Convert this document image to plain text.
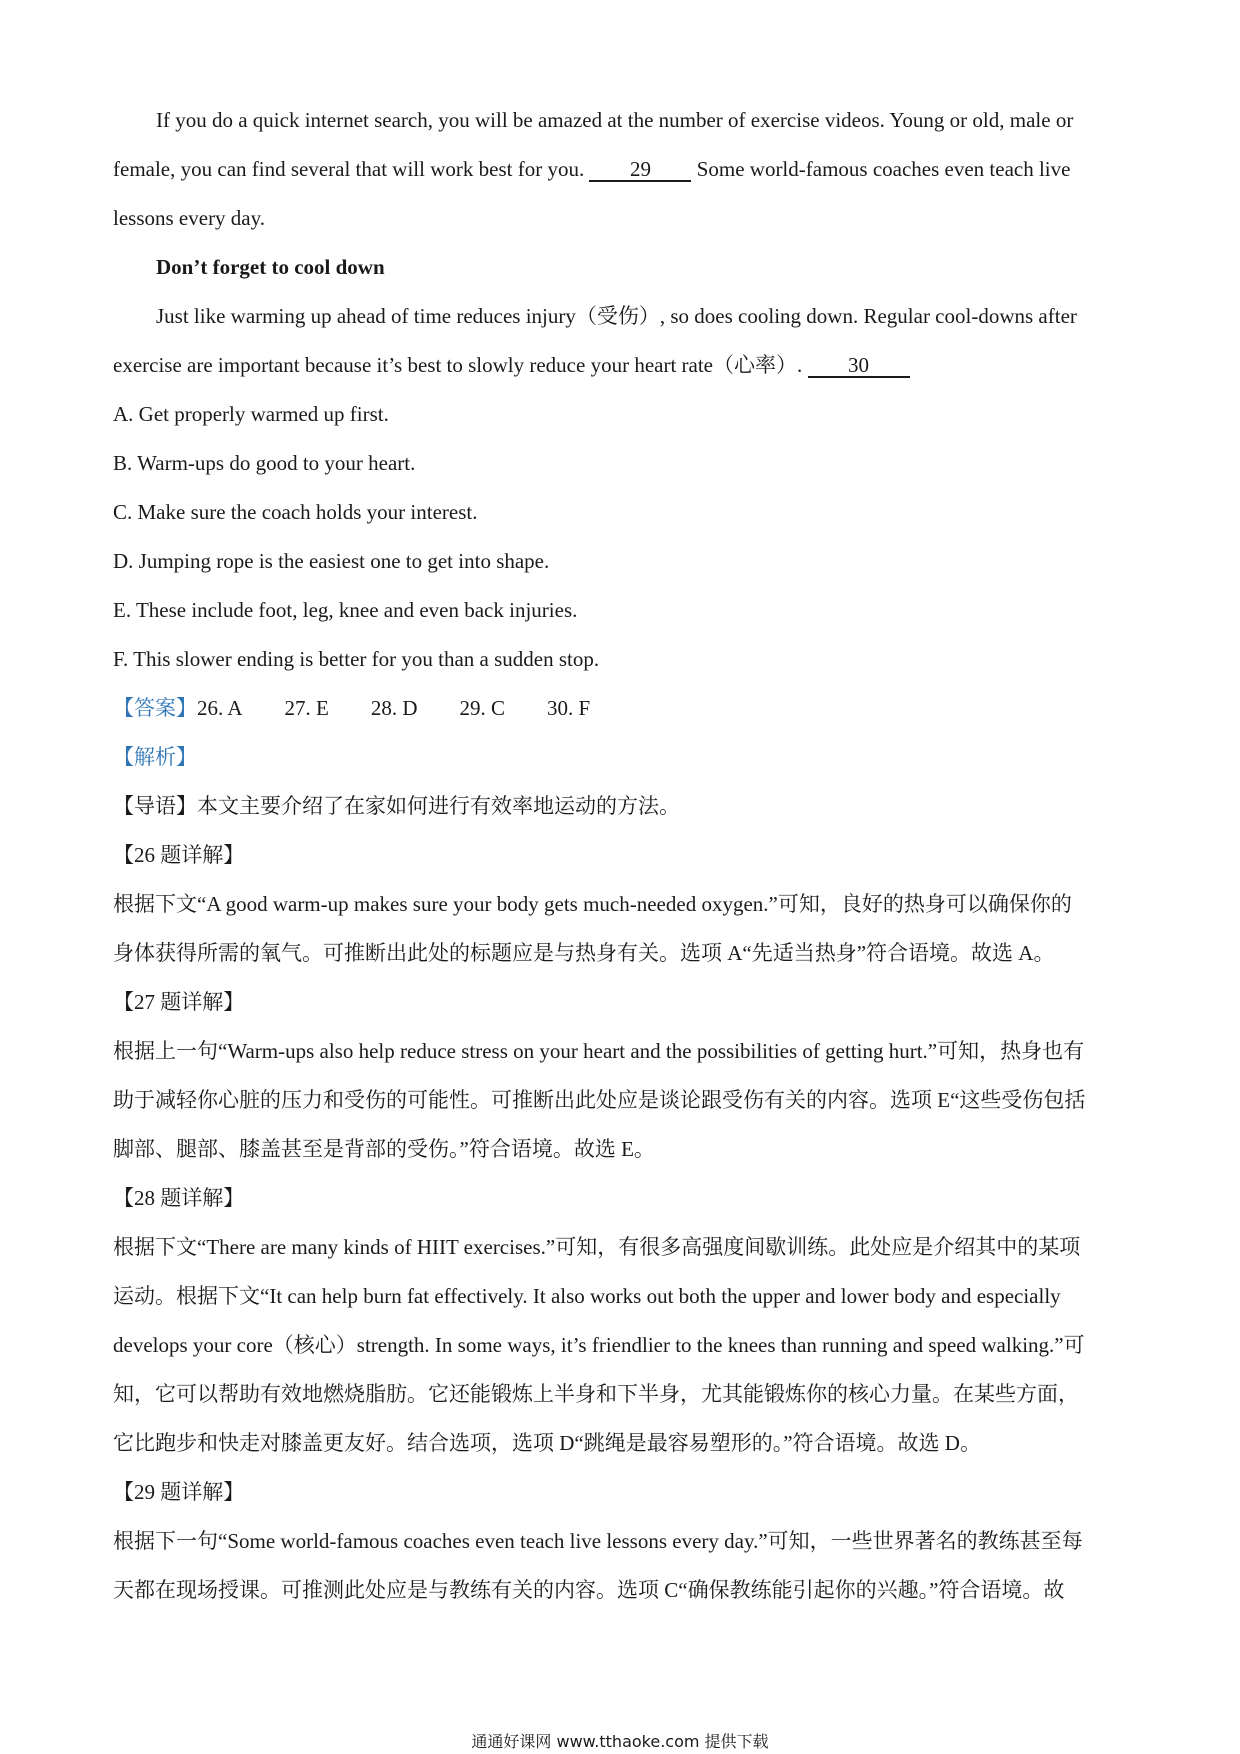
If you do a quick internet search, you will be amazed at the number of exercise videos. Young or old, male or
female, you can find several that will work best for you. 29 Some world-famous coaches even teach live
lessons every day.
Don’t forget to cool down
Just like warming up ahead of time reduces injury（受伤）, so does cooling down. Regular cool-downs after
exercise are important because it’s best to slowly reduce your heart rate（心率）. 30
A. Get properly warmed up first.
B. Warm-ups do good to your heart.
C. Make sure the coach holds your interest.
D. Jumping rope is the easiest one to get into shape.
E. These include foot, leg, knee and even back injuries.
F. This slower ending is better for you than a sudden stop.
【答案】26. A 27. E 28. D 29. C 30. F
【解析】
【导语】本文主要介绍了在家如何进行有效率地运动的方法。
【26 题详解】
根据下文“A good warm-up makes sure your body gets much-needed oxygen.”可知，良好的热身可以确保你的
身体获得所需的氧气。可推断出此处的标题应是与热身有关。选项 A“先适当热身”符合语境。故选 A。
【27 题详解】
根据上一句“Warm-ups also help reduce stress on your heart and the possibilities of getting hurt.”可知，热身也有
助于减轻你心脏的压力和受伤的可能性。可推断出此处应是谈论跟受伤有关的内容。选项 E“这些受伤包括
脚部、腿部、膝盖甚至是背部的受伤。”符合语境。故选 E。
【28 题详解】
根据下文“There are many kinds of HIIT exercises.”可知，有很多高强度间歇训练。此处应是介绍其中的某项
运动。根据下文“It can help burn fat effectively. It also works out both the upper and lower body and especially
develops your core（核心）strength. In some ways, it’s friendlier to the knees than running and speed walking.”可
知，它可以帮助有效地燃烧脂肪。它还能锻炼上半身和下半身，尤其能锻炼你的核心力量。在某些方面，
它比跑步和快走对膝盖更友好。结合选项，选项 D“跳绳是最容易塑形的。”符合语境。故选 D。
【29 题详解】
根据下一句“Some world-famous coaches even teach live lessons every day.”可知，一些世界著名的教练甚至每
天都在现场授课。可推测此处应是与教练有关的内容。选项 C“确保教练能引起你的兴趣。”符合语境。故
通通好课网 www.tthaoke.com 提供下载
